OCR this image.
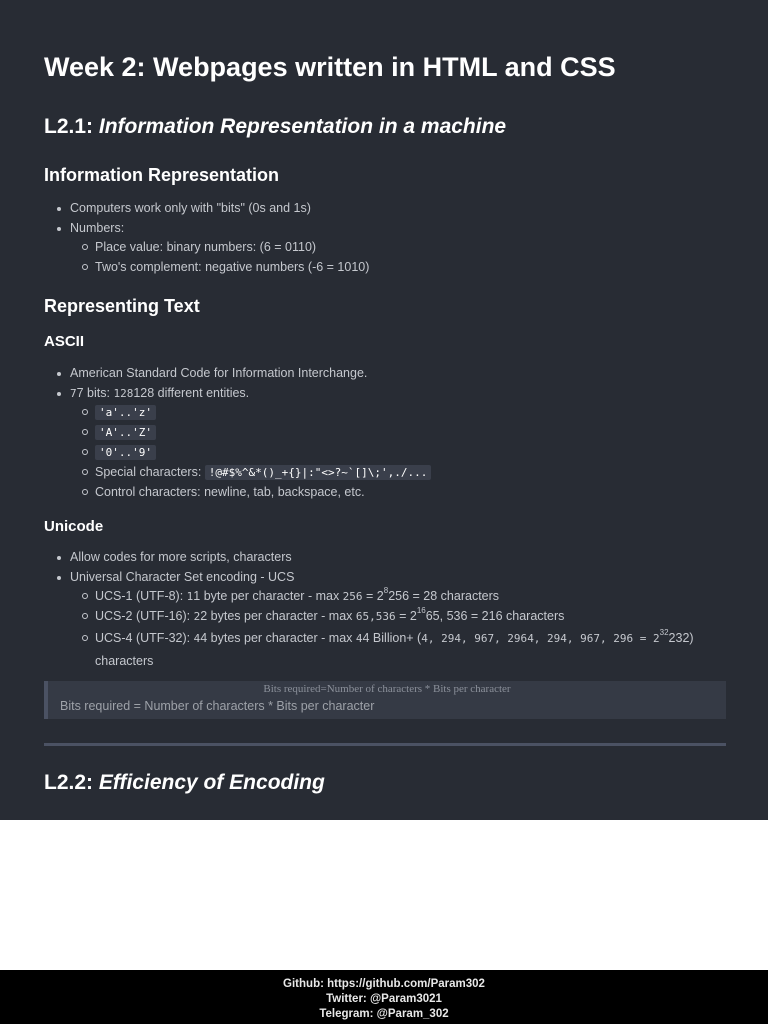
Week 2: Webpages written in HTML and CSS
L2.1: Information Representation in a machine
Information Representation
Computers work only with "bits" (0s and 1s)
Numbers:
Place value: binary numbers: (6 = 0110)
Two's complement: negative numbers (-6 = 1010)
Representing Text
ASCII
American Standard Code for Information Interchange.
77 bits: 128128 different entities.
'a'..'z'
'A'..'Z'
'0'..'9'
Special characters: !@#$%^&*()_+{}|:"<>?~`[]\;',./...
Control characters: newline, tab, backspace, etc.
Unicode
Allow codes for more scripts, characters
Universal Character Set encoding - UCS
UCS-1 (UTF-8): 11 byte per character - $\max 256 = 2^8256 = 28$ characters
UCS-2 (UTF-16): 22 bytes per character - $\max 65,536 = 2^{16}65$, 536 = 216 characters
UCS-4 (UTF-32): 44 bytes per character - max 44 Billion+ (4, 294, 967, 2964, 294, 967, $296 = 2^{32}232$)
characters
Bits required=Number of characters * Bits per character
Bits required = Number of characters * Bits per character
L2.2: Efficiency of Encoding
Github: https://github.com/Param302
Twitter: @Param3021
Telegram: @Param_302
